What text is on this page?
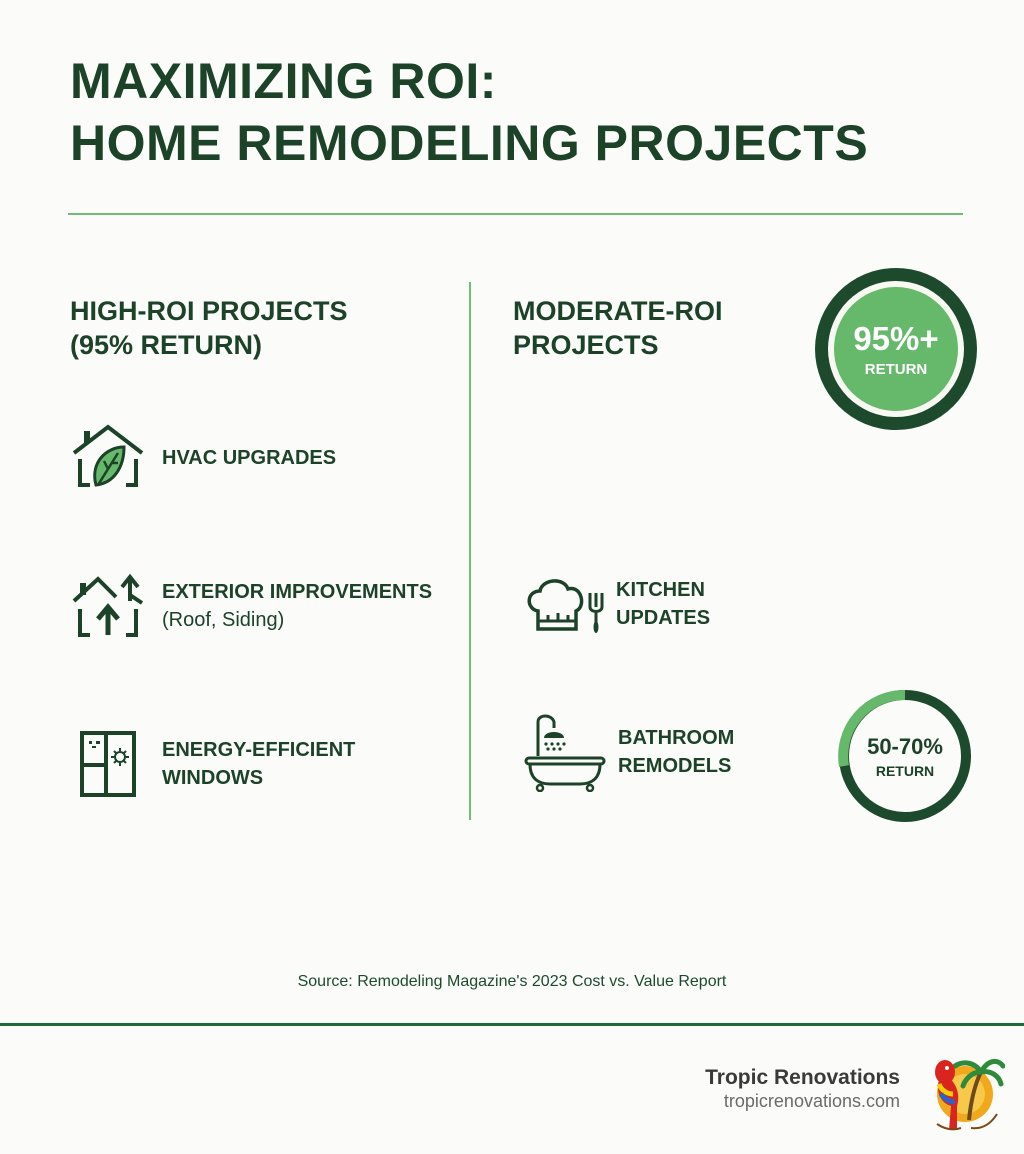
MAXIMIZING ROI:
HOME REMODELING PROJECTS
HIGH-ROI PROJECTS
(95% RETURN)
HVAC UPGRADES
EXTERIOR IMPROVEMENTS
(Roof, Siding)
ENERGY-EFFICIENT
WINDOWS
MODERATE-ROI
PROJECTS	95%+
RETURN
KITCHEN
UPDATES
BATHROOM
REMODELS
50-70%
RETURN
Source: Remodeling Magazine's 2023 Cost vs. Value Report
Tropic Renovations
tropicrenovations.com
